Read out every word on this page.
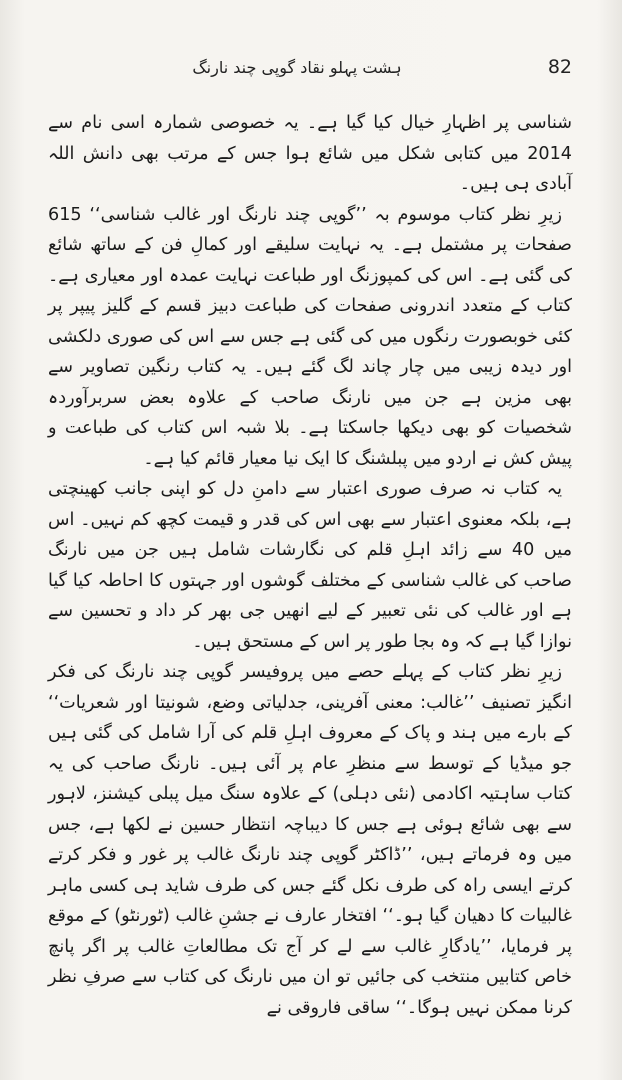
82
ہشت پہلو نقاد گوپی چند نارنگ

شناسی پر اظہارِ خیال کیا گیا ہے۔ یہ خصوصی شمارہ اسی نام سے 2014 میں کتابی شکل میں شائع ہوا جس کے مرتب بھی دانش اللہ آبادی ہی ہیں۔

زیرِ نظر کتاب موسوم بہ ’’گوپی چند نارنگ اور غالب شناسی‘‘ 615 صفحات پر مشتمل ہے۔ یہ نہایت سلیقے اور کمالِ فن کے ساتھ شائع کی گئی ہے۔ اس کی کمپوزنگ اور طباعت نہایت عمدہ اور معیاری ہے۔ کتاب کے متعدد اندرونی صفحات کی طباعت دبیز قسم کے گلیز پیپر پر کئی خوبصورت رنگوں میں کی گئی ہے جس سے اس کی صوری دلکشی اور دیدہ زیبی میں چار چاند لگ گئے ہیں۔ یہ کتاب رنگین تصاویر سے بھی مزین ہے جن میں نارنگ صاحب کے علاوہ بعض سربرآوردہ شخصیات کو بھی دیکھا جاسکتا ہے۔ بلا شبہ اس کتاب کی طباعت و پیش کش نے اردو میں پبلشنگ کا ایک نیا معیار قائم کیا ہے۔

یہ کتاب نہ صرف صوری اعتبار سے دامنِ دل کو اپنی جانب کھینچتی ہے، بلکہ معنوی اعتبار سے بھی اس کی قدر و قیمت کچھ کم نہیں۔ اس میں 40 سے زائد اہلِ قلم کی نگارشات شامل ہیں جن میں نارنگ صاحب کی غالب شناسی کے مختلف گوشوں اور جہتوں کا احاطہ کیا گیا ہے اور غالب کی نئی تعبیر کے لیے انھیں جی بھر کر داد و تحسین سے نوازا گیا ہے کہ وہ بجا طور پر اس کے مستحق ہیں۔

زیرِ نظر کتاب کے پہلے حصے میں پروفیسر گوپی چند نارنگ کی فکر انگیز تصنیف ’’غالب: معنی آفرینی، جدلیاتی وضع، شونیتا اور شعریات‘‘ کے بارے میں ہند و پاک کے معروف اہلِ قلم کی آرا شامل کی گئی ہیں جو میڈیا کے توسط سے منظرِ عام پر آئی ہیں۔ نارنگ صاحب کی یہ کتاب ساہتیہ اکادمی (نئی دہلی) کے علاوہ سنگ میل پبلی کیشنز، لاہور سے بھی شائع ہوئی ہے جس کا دیباچہ انتظار حسین نے لکھا ہے، جس میں وہ فرماتے ہیں، ’’ڈاکٹر گوپی چند نارنگ غالب پر غور و فکر کرتے کرتے ایسی راہ کی طرف نکل گئے جس کی طرف شاید ہی کسی ماہر غالبیات کا دھیان گیا ہو۔‘‘ افتخار عارف نے جشنِ غالب (ٹورنٹو) کے موقع پر فرمایا، ’’یادگارِ غالب سے لے کر آج تک مطالعاتِ غالب پر اگر پانچ خاص کتابیں منتخب کی جائیں تو ان میں نارنگ کی کتاب سے صرفِ نظر کرنا ممکن نہیں ہوگا۔‘‘ ساقی فاروقی نے
